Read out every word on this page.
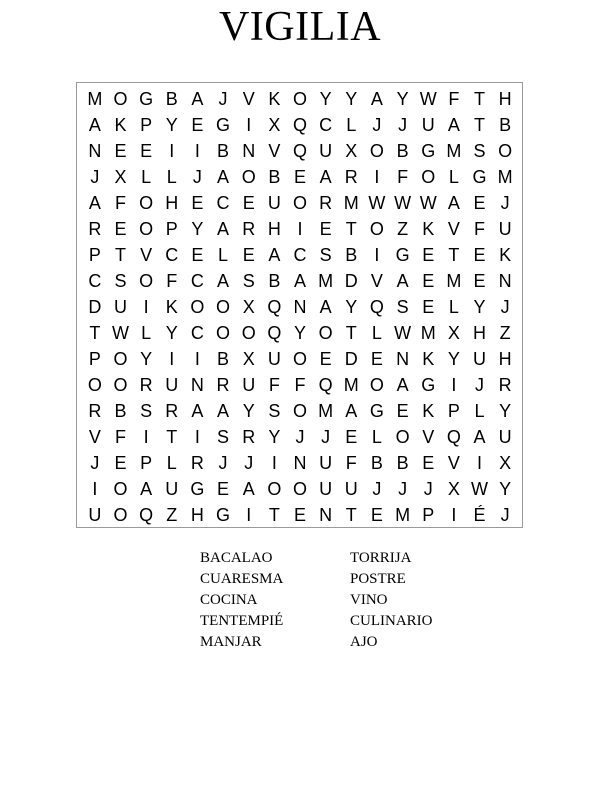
VIGILIA
M O G B A J V K O Y Y A Y W F T H
A K P Y E G I X Q C L J J U A T B
N E E I	I B N V Q U X O B G M S O
J X L L J A O B E A R I F O L G M
A F O H E C E U O R M W W W A E J
R E O P Y A R H I E T O Z K V F U
P T V C E L E A C S B I G E T E K
C S O F C A S B A M D V A E M E N
D U I K O O X Q N A Y Q S E L Y J
T W L Y C O O Q Y O T L W M X H Z
P O Y I	I B X U O E D E N K Y U H
O O R U N R U F F Q M O A G I	J R
R B S R A A Y S O M A G E K P L Y
V F I T I S R Y J J E L O V Q A U
J E P L R J J	I N U F B B E V I X
I O A U G E A O O U U J J J X W Y
U O Q Z H G I T E N T E M P I É J
BACALAO
CUARESMA
COCINA
TENTEMPIÉ
MANJAR
TORRIJA
POSTRE
VINO
CULINARIO
AJO
